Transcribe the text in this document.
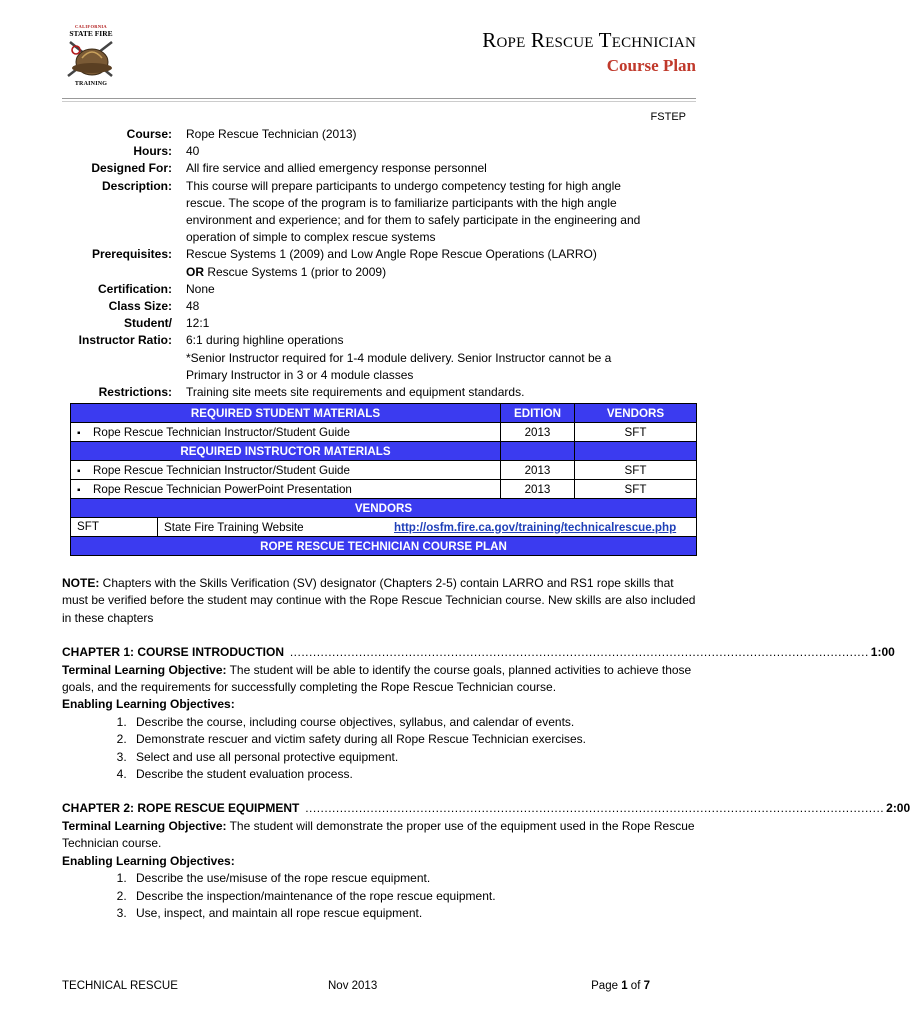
CALIFORNIA
STATE FIRE
TRAINING
Rope Rescue Technician
Course Plan
FSTEP
Course:	Rope Rescue Technician (2013)
Hours:	40
Designed For:	All fire service and allied emergency response personnel
Description:	This course will prepare participants to undergo competency testing for high angle
rescue. The scope of the program is to familiarize participants with the high angle
environment and experience; and for them to safely participate in the engineering and
operation of simple to complex rescue systems
Prerequisites:	Rescue Systems 1 (2009) and Low Angle Rope Rescue Operations (LARRO)
OR Rescue Systems 1 (prior to 2009)
Certification:	None
Class Size:	48
Student/	12:1
Instructor Ratio:	6:1 during highline operations
*Senior Instructor required for 1-4 module delivery. Senior Instructor cannot be a
Primary Instructor in 3 or 4 module classes
Restrictions:	Training site meets site requirements and equipment standards.
REQUIRED STUDENT MATERIALS	EDITION	VENDORS
▪ Rope Rescue Technician Instructor/Student Guide	2013	SFT
REQUIRED INSTRUCTOR MATERIALS		
▪ Rope Rescue Technician Instructor/Student Guide	2013	SFT
▪ Rope Rescue Technician PowerPoint Presentation	2013	SFT
VENDORS		

SFT State Fire Training Website http://osfm.fire.ca.gov/training/technicalrescue.php		

ROPE RESCUE TECHNICIAN COURSE PLAN		

NOTE: Chapters with the Skills Verification (SV) designator (Chapters 2-5) contain LARRO and RS1 rope skills that must be verified before the student may continue with the Rope Rescue Technician course. New skills are also included in these chapters

CHAPTER 1: COURSE INTRODUCTION ....................................................................................................................................................... 1:00

Terminal Learning Objective: The student will be able to identify the course goals, planned activities to achieve those goals, and the requirements for successfully completing the Rope Rescue Technician course.

Enabling Learning Objectives:

1. Describe the course, including course objectives, syllabus, and calendar of events.
2. Demonstrate rescuer and victim safety during all Rope Rescue Technician exercises.
3. Select and use all personal protective equipment.
4. Describe the student evaluation process.
CHAPTER 2: ROPE RESCUE EQUIPMENT ....................................................................................................................................................... 2:00

Terminal Learning Objective: The student will demonstrate the proper use of the equipment used in the Rope Rescue Technician course.

Enabling Learning Objectives:

1. Describe the use/misuse of the rope rescue equipment.
2. Describe the inspection/maintenance of the rope rescue equipment.
3. Use, inspect, and maintain all rope rescue equipment.
TECHNICAL RESCUE	Nov 2013	Page 1 of 7
